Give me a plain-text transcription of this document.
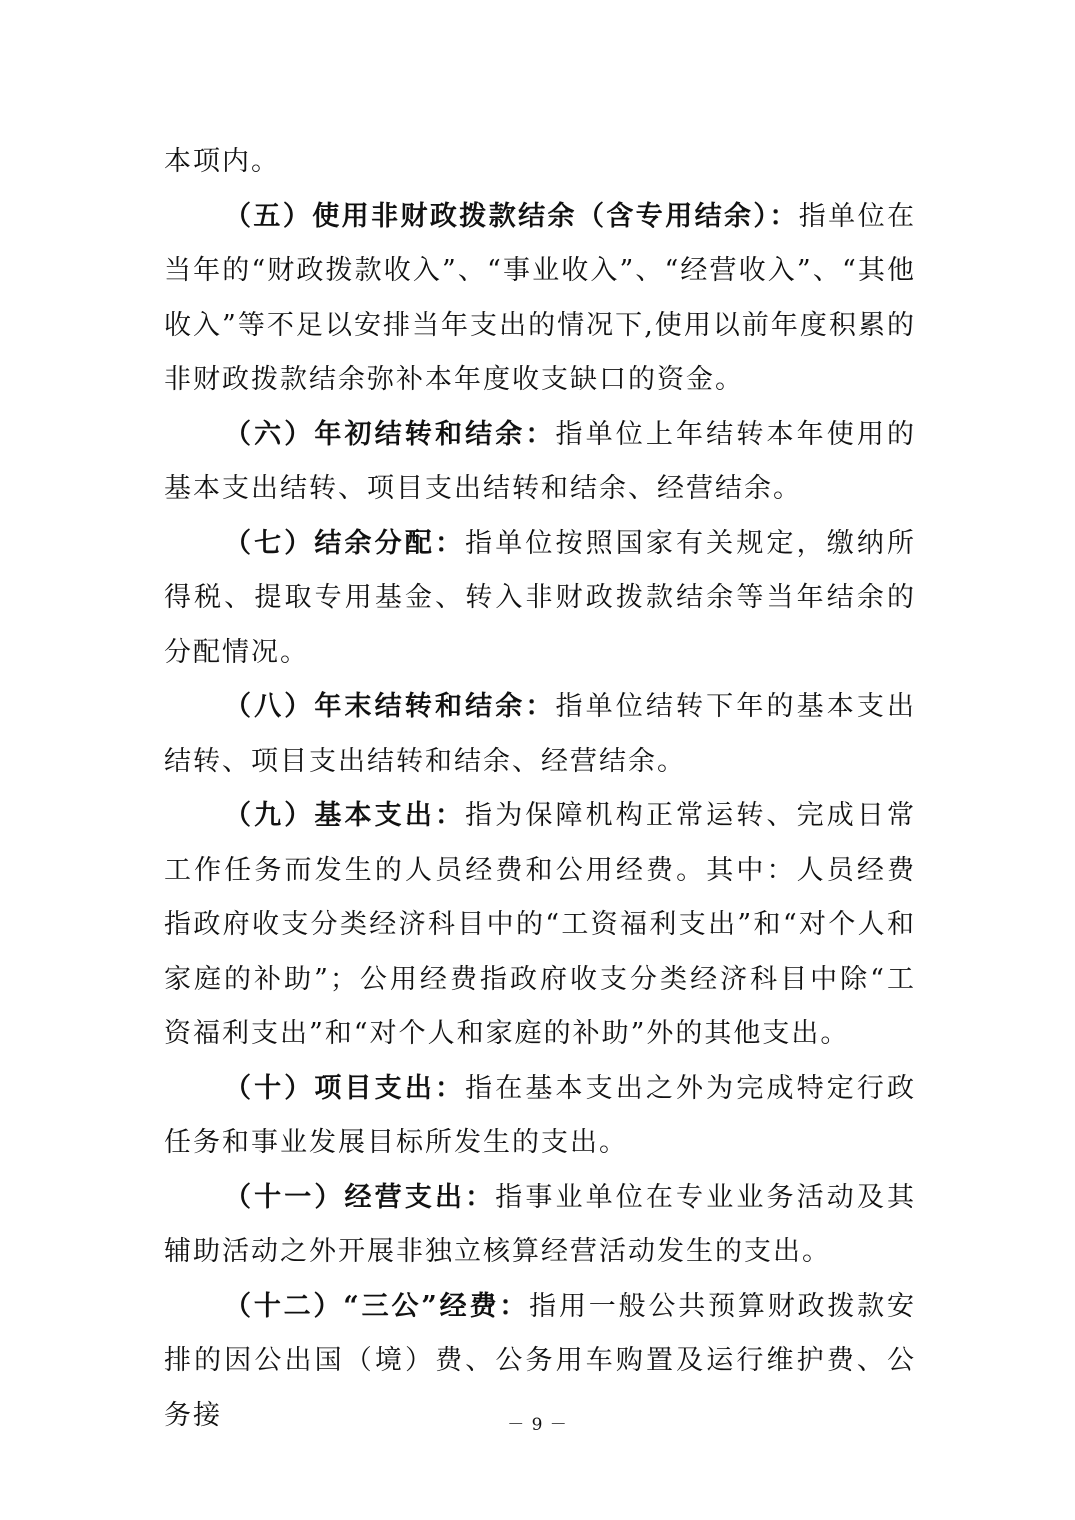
本项内。

（五）使用非财政拨款结余（含专用结余）：指单位在当年的“财政拨款收入”、“事业收入”、“经营收入”、“其他收入”等不足以安排当年支出的情况下,使用以前年度积累的非财政拨款结余弥补本年度收支缺口的资金。

（六）年初结转和结余：指单位上年结转本年使用的基本支出结转、项目支出结转和结余、经营结余。

（七）结余分配：指单位按照国家有关规定，缴纳所得税、提取专用基金、转入非财政拨款结余等当年结余的分配情况。

（八）年末结转和结余：指单位结转下年的基本支出结转、项目支出结转和结余、经营结余。

（九）基本支出：指为保障机构正常运转、完成日常工作任务而发生的人员经费和公用经费。其中：人员经费指政府收支分类经济科目中的“工资福利支出”和“对个人和家庭的补助”；公用经费指政府收支分类经济科目中除“工资福利支出”和“对个人和家庭的补助”外的其他支出。

（十）项目支出：指在基本支出之外为完成特定行政任务和事业发展目标所发生的支出。

（十一）经营支出：指事业单位在专业业务活动及其辅助活动之外开展非独立核算经营活动发生的支出。

（十二）“三公”经费：指用一般公共预算财政拨款安排的因公出国（境）费、公务用车购置及运行维护费、公务接	－ 9 －
